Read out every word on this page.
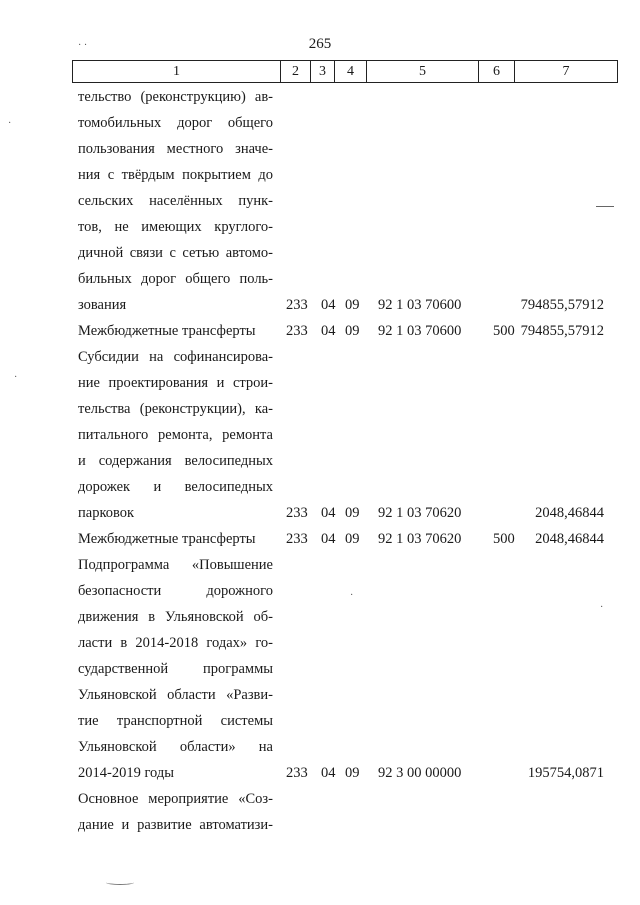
265
1	2	3	4	5	6	7
тельство (реконструкцию) ав-
томобильных дорог общего
пользования местного значе-
ния с твёрдым покрытием до
сельских населённых пунк-
тов, не имеющих круглого-
дичной связи с сетью автомо-
бильных дорог общего поль-
зования	233 04 09 92 1 03 70600	794855,57912
Межбюджетные трансферты	233 04 09 92 1 03 70600 500 794855,57912
Субсидии на софинансирова-
ние проектирования и строи-
тельства (реконструкции), ка-
питального ремонта, ремонта
и содержания велосипедных
дорожек и велосипедных
парковок	233 04 09 92 1 03 70620	2048,46844
Межбюджетные трансферты	233 04 09 92 1 03 70620 500 2048,46844
Подпрограмма «Повышение
безопасности дорожного
движения в Ульяновской об-
ласти в 2014-2018 годах» го-
сударственной программы
Ульяновской области «Разви-
тие транспортной системы
Ульяновской области» на
2014-2019 годы	233 04 09 92 3 00 00000	195754,0871
Основное мероприятие «Соз-
дание и развитие автоматизи-
· ·
·
·
·
·
